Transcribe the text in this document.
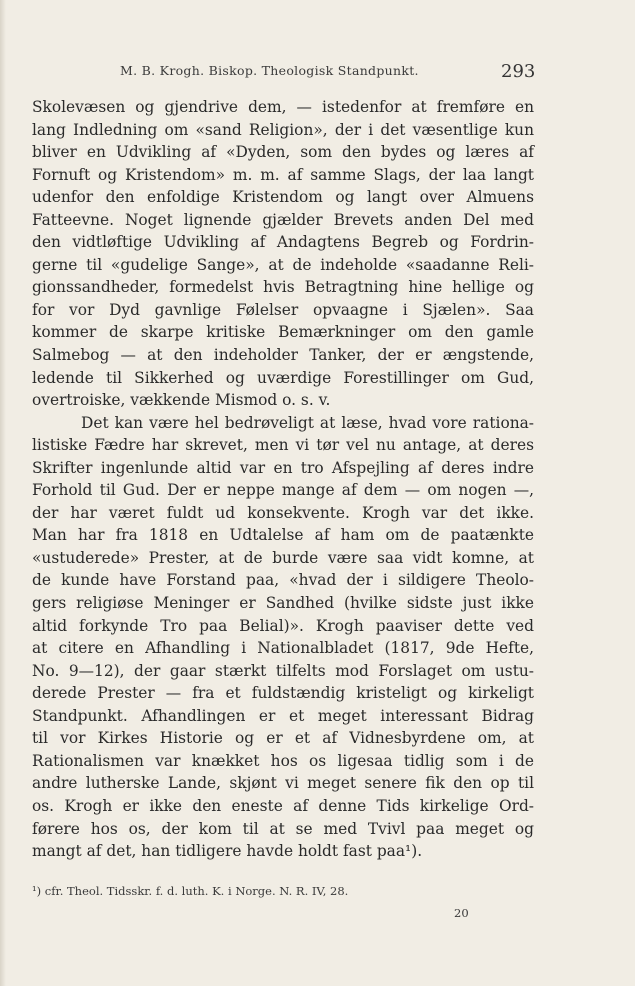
M. B. Krogh. Biskop. Theologisk Standpunkt.	293
Skolevæsen og gjendrive dem, — istedenfor at fremføre en
lang Indledning om «sand Religion», der i det væsentlige kun
bliver en Udvikling af «Dyden, som den bydes og læres af
Fornuft og Kristendom» m. m. af samme Slags, der laa langt
udenfor den enfoldige Kristendom og langt over Almuens
Fatteevne. Noget lignende gjælder Brevets anden Del med
den vidtløftige Udvikling af Andagtens Begreb og Fordrin-
gerne til «gudelige Sange», at de indeholde «saadanne Reli-
gionssandheder, formedelst hvis Betragtning hine hellige og
for vor Dyd gavnlige Følelser opvaagne i Sjælen». Saa
kommer de skarpe kritiske Bemærkninger om den gamle
Salmebog — at den indeholder Tanker, der er ængstende,
ledende til Sikkerhed og uværdige Forestillinger om Gud,
overtroiske, vækkende Mismod o. s. v.
Det kan være hel bedrøveligt at læse, hvad vore rationa-
listiske Fædre har skrevet, men vi tør vel nu antage, at deres
Skrifter ingenlunde altid var en tro Afspejling af deres indre
Forhold til Gud. Der er neppe mange af dem — om nogen —,
der har været fuldt ud konsekvente. Krogh var det ikke.
Man har fra 1818 en Udtalelse af ham om de paatænkte
«ustuderede» Prester, at de burde være saa vidt komne, at
de kunde have Forstand paa, «hvad der i sildigere Theolo-
gers religiøse Meninger er Sandhed (hvilke sidste just ikke
altid forkynde Tro paa Belial)». Krogh paaviser dette ved
at citere en Afhandling i Nationalbladet (1817, 9de Hefte,
No. 9—12), der gaar stærkt tilfelts mod Forslaget om ustu-
derede Prester — fra et fuldstændig kristeligt og kirkeligt
Standpunkt. Afhandlingen er et meget interessant Bidrag
til vor Kirkes Historie og er et af Vidnesbyrdene om, at
Rationalismen var knækket hos os ligesaa tidlig som i de
andre lutherske Lande, skjønt vi meget senere fik den op til
os. Krogh er ikke den eneste af denne Tids kirkelige Ord-
førere hos os, der kom til at se med Tvivl paa meget og
mangt af det, han tidligere havde holdt fast paa¹).
¹) cfr. Theol. Tidsskr. f. d. luth. K. i Norge. N. R. IV, 28.
20
